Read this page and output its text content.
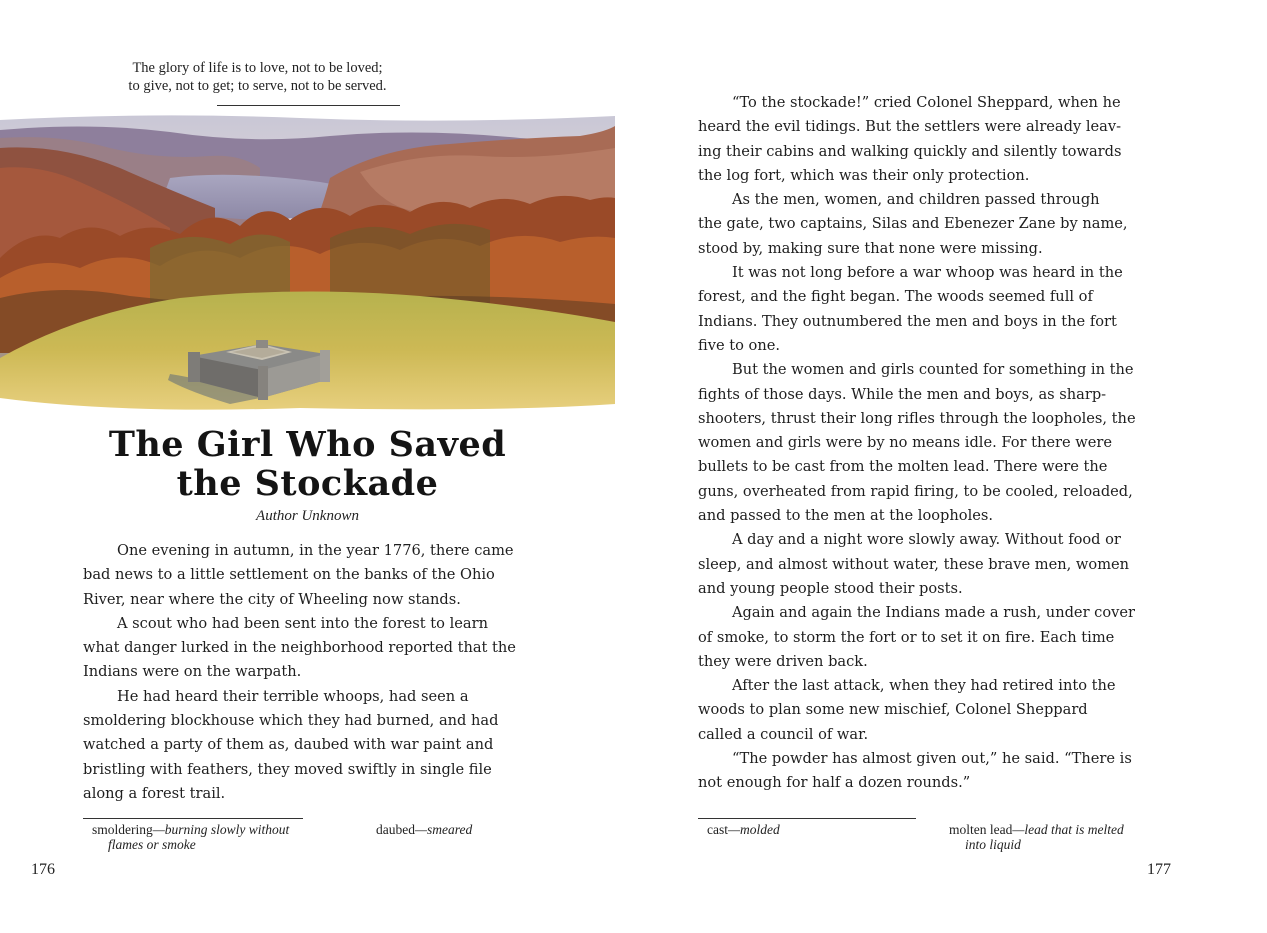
The glory of life is to love, not to be loved;
to give, not to get; to serve, not to be served.
The Girl Who Saved
the Stockade
Author Unknown
One evening in autumn, in the year 1776, there came
bad news to a little settlement on the banks of the Ohio
River, near where the city of Wheeling now stands.
A scout who had been sent into the forest to learn
what danger lurked in the neighborhood reported that the
Indians were on the warpath.
He had heard their terrible whoops, had seen a
smoldering blockhouse which they had burned, and had
watched a party of them as, daubed with war paint and
bristling with feathers, they moved swiftly in single file
along a forest trail.
smoldering—burning slowly without
flames or smoke
daubed—smeared
176
“To the stockade!” cried Colonel Sheppard, when he
heard the evil tidings. But the settlers were already leav-
ing their cabins and walking quickly and silently towards
the log fort, which was their only protection.
As the men, women, and children passed through
the gate, two captains, Silas and Ebenezer Zane by name,
stood by, making sure that none were missing.
It was not long before a war whoop was heard in the
forest, and the fight began. The woods seemed full of
Indians. They outnumbered the men and boys in the fort
five to one.
But the women and girls counted for something in the
fights of those days. While the men and boys, as sharp-
shooters, thrust their long rifles through the loopholes, the
women and girls were by no means idle. For there were
bullets to be cast from the molten lead. There were the
guns, overheated from rapid firing, to be cooled, reloaded,
and passed to the men at the loopholes.
A day and a night wore slowly away. Without food or
sleep, and almost without water, these brave men, women
and young people stood their posts.
Again and again the Indians made a rush, under cover
of smoke, to storm the fort or to set it on fire. Each time
they were driven back.
After the last attack, when they had retired into the
woods to plan some new mischief, Colonel Sheppard
called a council of war.
“The powder has almost given out,” he said. “There is
not enough for half a dozen rounds.”
cast—molded	molten lead—lead that is melted
into liquid
177
